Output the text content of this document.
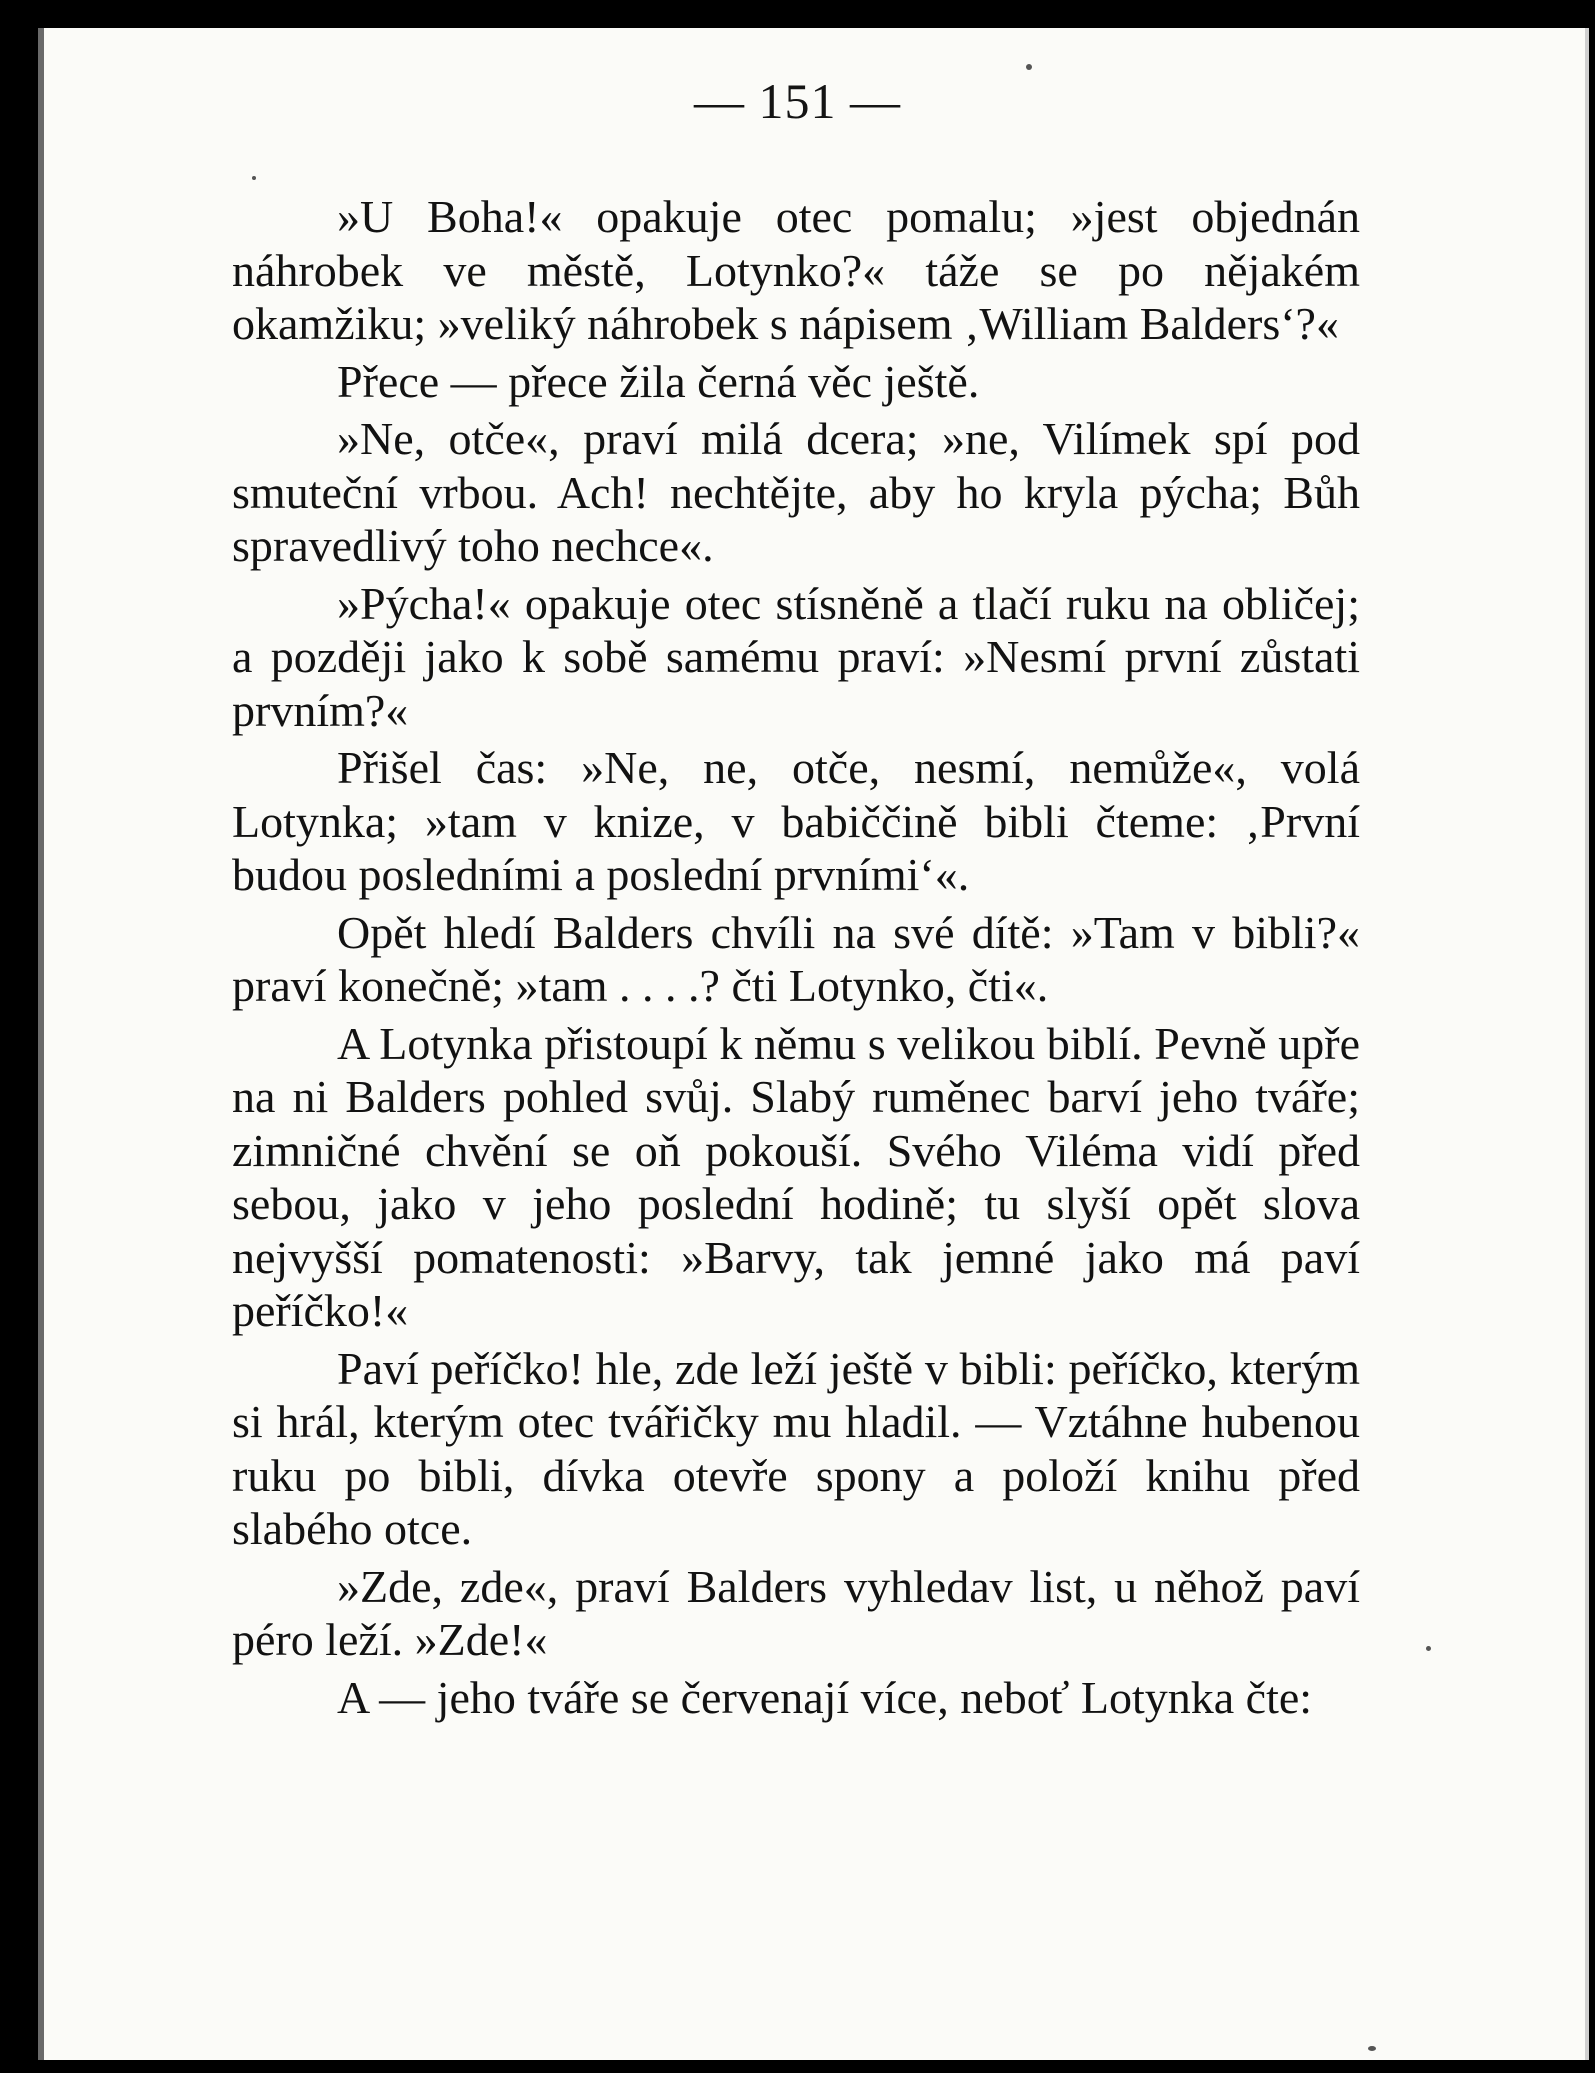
— 151 —

»U Boha!« opakuje otec pomalu; »jest objednán náhrobek ve městě, Lotynko?« táže se po nějakém okamžiku; »veliký náhrobek s nápisem ‚William Balders‘?«

Přece — přece žila černá věc ještě.

»Ne, otče«, praví milá dcera; »ne, Vilímek spí pod smuteční vrbou. Ach! nechtějte, aby ho kryla pýcha; Bůh spravedlivý toho nechce«.

»Pýcha!« opakuje otec stísněně a tlačí ruku na obličej; a později jako k sobě samému praví: »Nesmí první zůstati prvním?«

Přišel čas: »Ne, ne, otče, nesmí, nemůže«, volá Lotynka; »tam v knize, v babiččině bibli čteme: ‚První budou posledními a poslední prvními‘«.

Opět hledí Balders chvíli na své dítě: »Tam v bibli?« praví konečně; »tam . . . .? čti Lotynko, čti«.

A Lotynka přistoupí k němu s velikou biblí. Pevně upře na ni Balders pohled svůj. Slabý ruměnec barví jeho tváře; zimničné chvění se oň pokouší. Svého Viléma vidí před sebou, jako v jeho poslední hodině; tu slyší opět slova nejvyšší pomatenosti: »Barvy, tak jemné jako má paví peříčko!«

Paví peříčko! hle, zde leží ještě v bibli: peříčko, kterým si hrál, kterým otec tvářičky mu hladil. — Vztáhne hubenou ruku po bibli, dívka otevře spony a položí knihu před slabého otce.

»Zde, zde«, praví Balders vyhledav list, u něhož paví péro leží. »Zde!«

A — jeho tváře se červenají více, neboť Lotynka čte:
